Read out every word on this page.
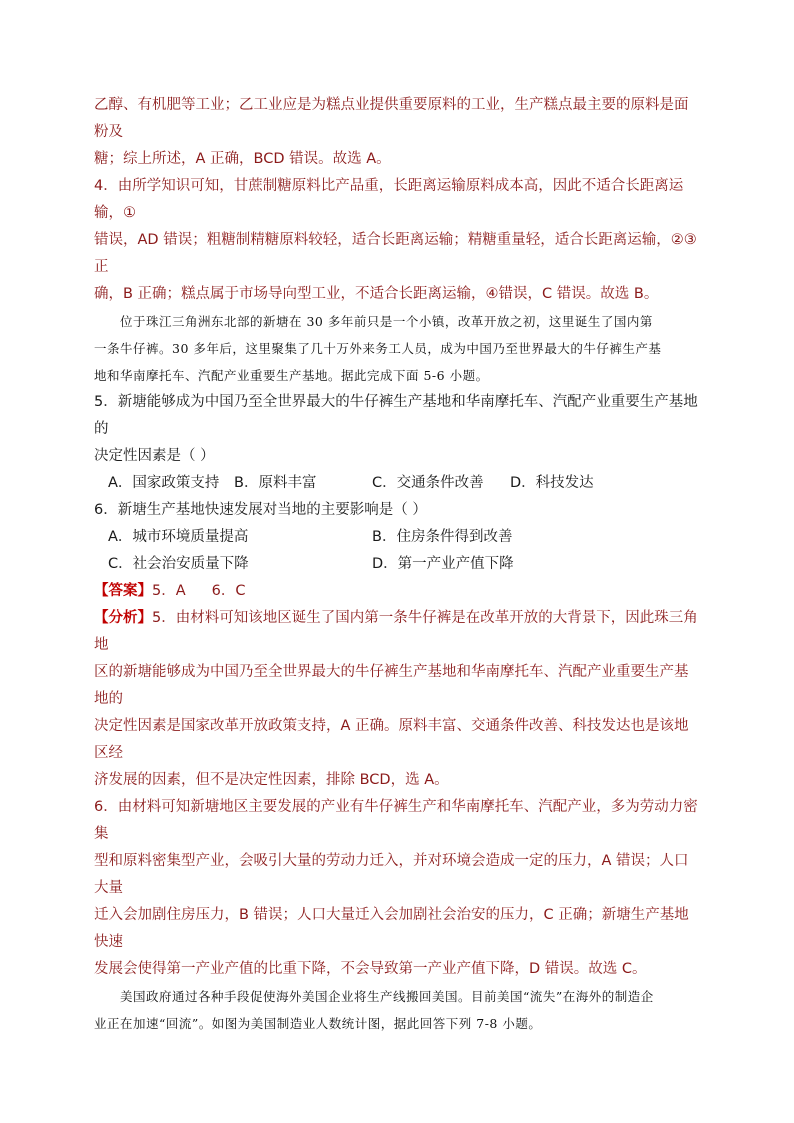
乙醇、有机肥等工业；乙工业应是为糕点业提供重要原料的工业，生产糕点最主要的原料是面粉及

糖；综上所述，A 正确，BCD 错误。故选 A。

4．由所学知识可知，甘蔗制糖原料比产品重，长距离运输原料成本高，因此不适合长距离运输，①

错误，AD 错误；粗糖制精糖原料较轻，适合长距离运输；精糖重量轻，适合长距离运输，②③正

确，B 正确；糕点属于市场导向型工业，不适合长距离运输，④错误，C 错误。故选 B。

位于珠江三角洲东北部的新塘在 30 多年前只是一个小镇，改革开放之初，这里诞生了国内第

一条牛仔裤。30 多年后，这里聚集了几十万外来务工人员，成为中国乃至世界最大的牛仔裤生产基

地和华南摩托车、汽配产业重要生产基地。据此完成下面 5-6 小题。

5．新塘能够成为中国乃至全世界最大的牛仔裤生产基地和华南摩托车、汽配产业重要生产基地的

决定性因素是（ ）

A．国家政策支持	B．原料丰富	C．交通条件改善	D．科技发达

6．新塘生产基地快速发展对当地的主要影响是（ ）

A．城市环境质量提高	B．住房条件得到改善
C．社会治安质量下降	D．第一产业产值下降

【答案】5．A 6．C

【分析】5．由材料可知该地区诞生了国内第一条牛仔裤是在改革开放的大背景下，因此珠三角地

区的新塘能够成为中国乃至全世界最大的牛仔裤生产基地和华南摩托车、汽配产业重要生产基地的

决定性因素是国家改革开放政策支持，A 正确。原料丰富、交通条件改善、科技发达也是该地区经

济发展的因素，但不是决定性因素，排除 BCD，选 A。

6．由材料可知新塘地区主要发展的产业有牛仔裤生产和华南摩托车、汽配产业，多为劳动力密集

型和原料密集型产业，会吸引大量的劳动力迁入，并对环境会造成一定的压力，A 错误；人口大量

迁入会加剧住房压力，B 错误；人口大量迁入会加剧社会治安的压力，C 正确；新塘生产基地快速

发展会使得第一产业产值的比重下降，不会导致第一产业产值下降，D 错误。故选 C。

美国政府通过各种手段促使海外美国企业将生产线搬回美国。目前美国“流失”在海外的制造企

业正在加速“回流”。如图为美国制造业人数统计图，据此回答下列 7-8 小题。
